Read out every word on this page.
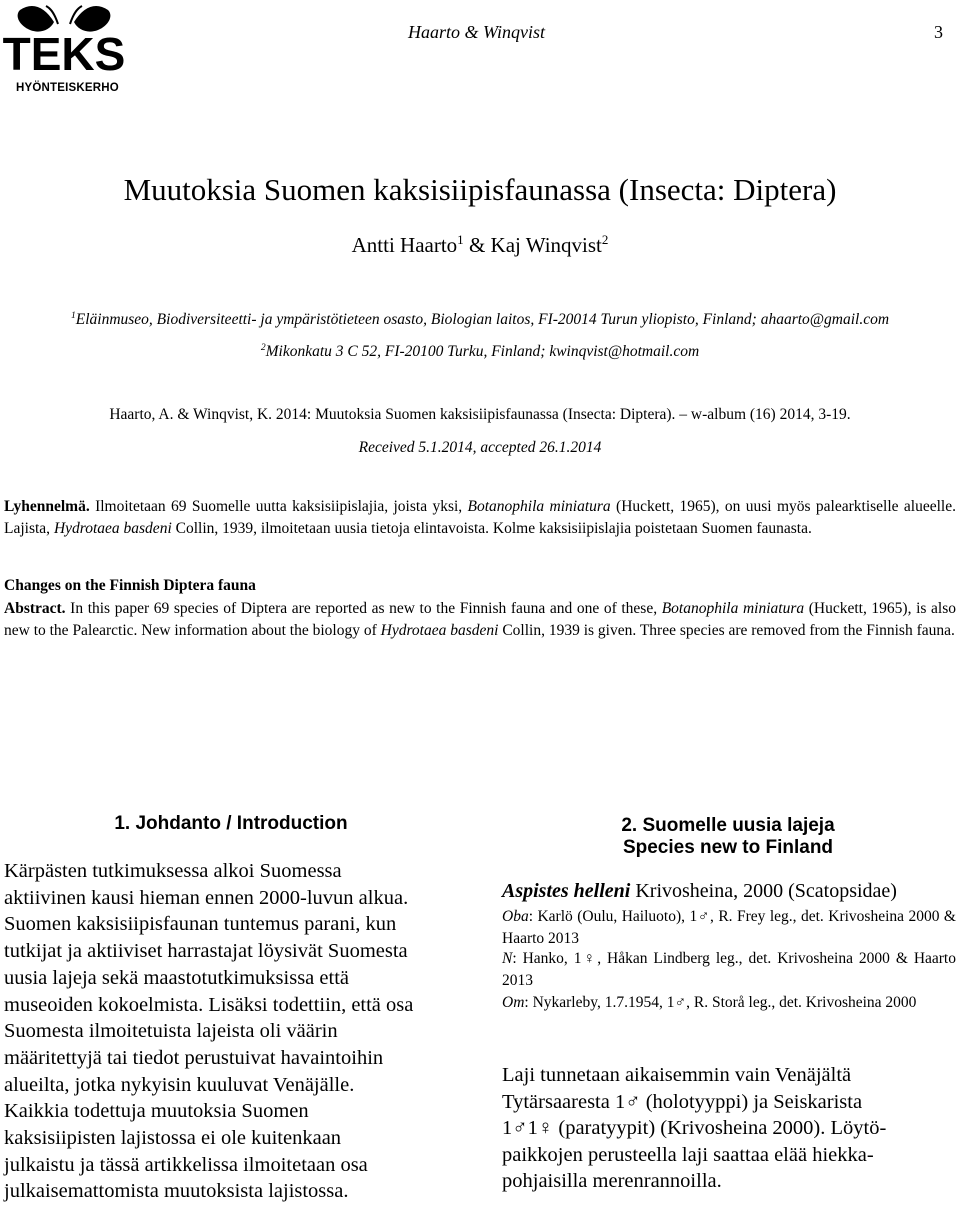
TEKS
HYÖNTEISKERHO
Haarto & Winqvist	3
Muutoksia Suomen kaksisiipisfaunassa (Insecta: Diptera)
Antti Haarto$^1$ & Kaj Winqvist$^2$
$^1$Eläinmuseo, Biodiversiteetti- ja ympäristötieteen osasto, Biologian laitos, FI-20014 Turun yliopisto, Finland; ahaarto@gmail.com
$^2$Mikonkatu 3 C 52, FI-20100 Turku, Finland; kwinqvist@hotmail.com
Haarto, A. & Winqvist, K. 2014: Muutoksia Suomen kaksisiipisfaunassa (Insecta: Diptera). – w-album (16) 2014, 3-19.
Received 5.1.2014, accepted 26.1.2014
Lyhennelmä. Ilmoitetaan 69 Suomelle uutta kaksisiipislajia, joista yksi, Botanophila miniatura (Huckett, 1965), on uusi myös palearktiselle alueelle. Lajista, Hydrotaea basdeni Collin, 1939, ilmoitetaan uusia tietoja elintavoista. Kolme kaksisiipislajia poistetaan Suomen faunasta.
Changes on the Finnish Diptera fauna
Abstract. In this paper 69 species of Diptera are reported as new to the Finnish fauna and one of these, Botanophila miniatura (Huckett, 1965), is also new to the Palearctic. New information about the biology of Hydrotaea basdeni Collin, 1939 is given. Three species are removed from the Finnish fauna.
1. Johdanto / Introduction
Kärpästen tutkimuksessa alkoi Suomessa
aktiivinen kausi hieman ennen 2000-luvun alkua.
Suomen kaksisiipisfaunan tuntemus parani, kun
tutkijat ja aktiiviset harrastajat löysivät Suomesta
uusia lajeja sekä maastotutkimuksissa että
museoiden kokoelmista. Lisäksi todettiin, että osa
Suomesta ilmoitetuista lajeista oli väärin
määritettyjä tai tiedot perustuivat havaintoihin
alueilta, jotka nykyisin kuuluvat Venäjälle.
Kaikkia todettuja muutoksia Suomen
kaksisiipisten lajistossa ei ole kuitenkaan
julkaistu ja tässä artikkelissa ilmoitetaan osa
julkaisemattomista muutoksista lajistossa.
2. Suomelle uusia lajeja
Species new to Finland
Aspistes helleni Krivosheina, 2000 (Scatopsidae)
Oba: Karlö (Oulu, Hailuoto), 1♂, R. Frey leg., det. Krivosheina 2000 & Haarto 2013
N: Hanko, 1♀, Håkan Lindberg leg., det. Krivosheina 2000 & Haarto 2013
Om: Nykarleby, 1.7.1954, 1♂, R. Storå leg., det. Krivosheina 2000
Laji tunnetaan aikaisemmin vain Venäjältä
Tytärsaaresta 1♂ (holotyyppi) ja Seiskarista
1♂1♀ (paratyypit) (Krivosheina 2000). Löytö-
paikkojen perusteella laji saattaa elää hiekka-
pohjaisilla merenrannoilla.
